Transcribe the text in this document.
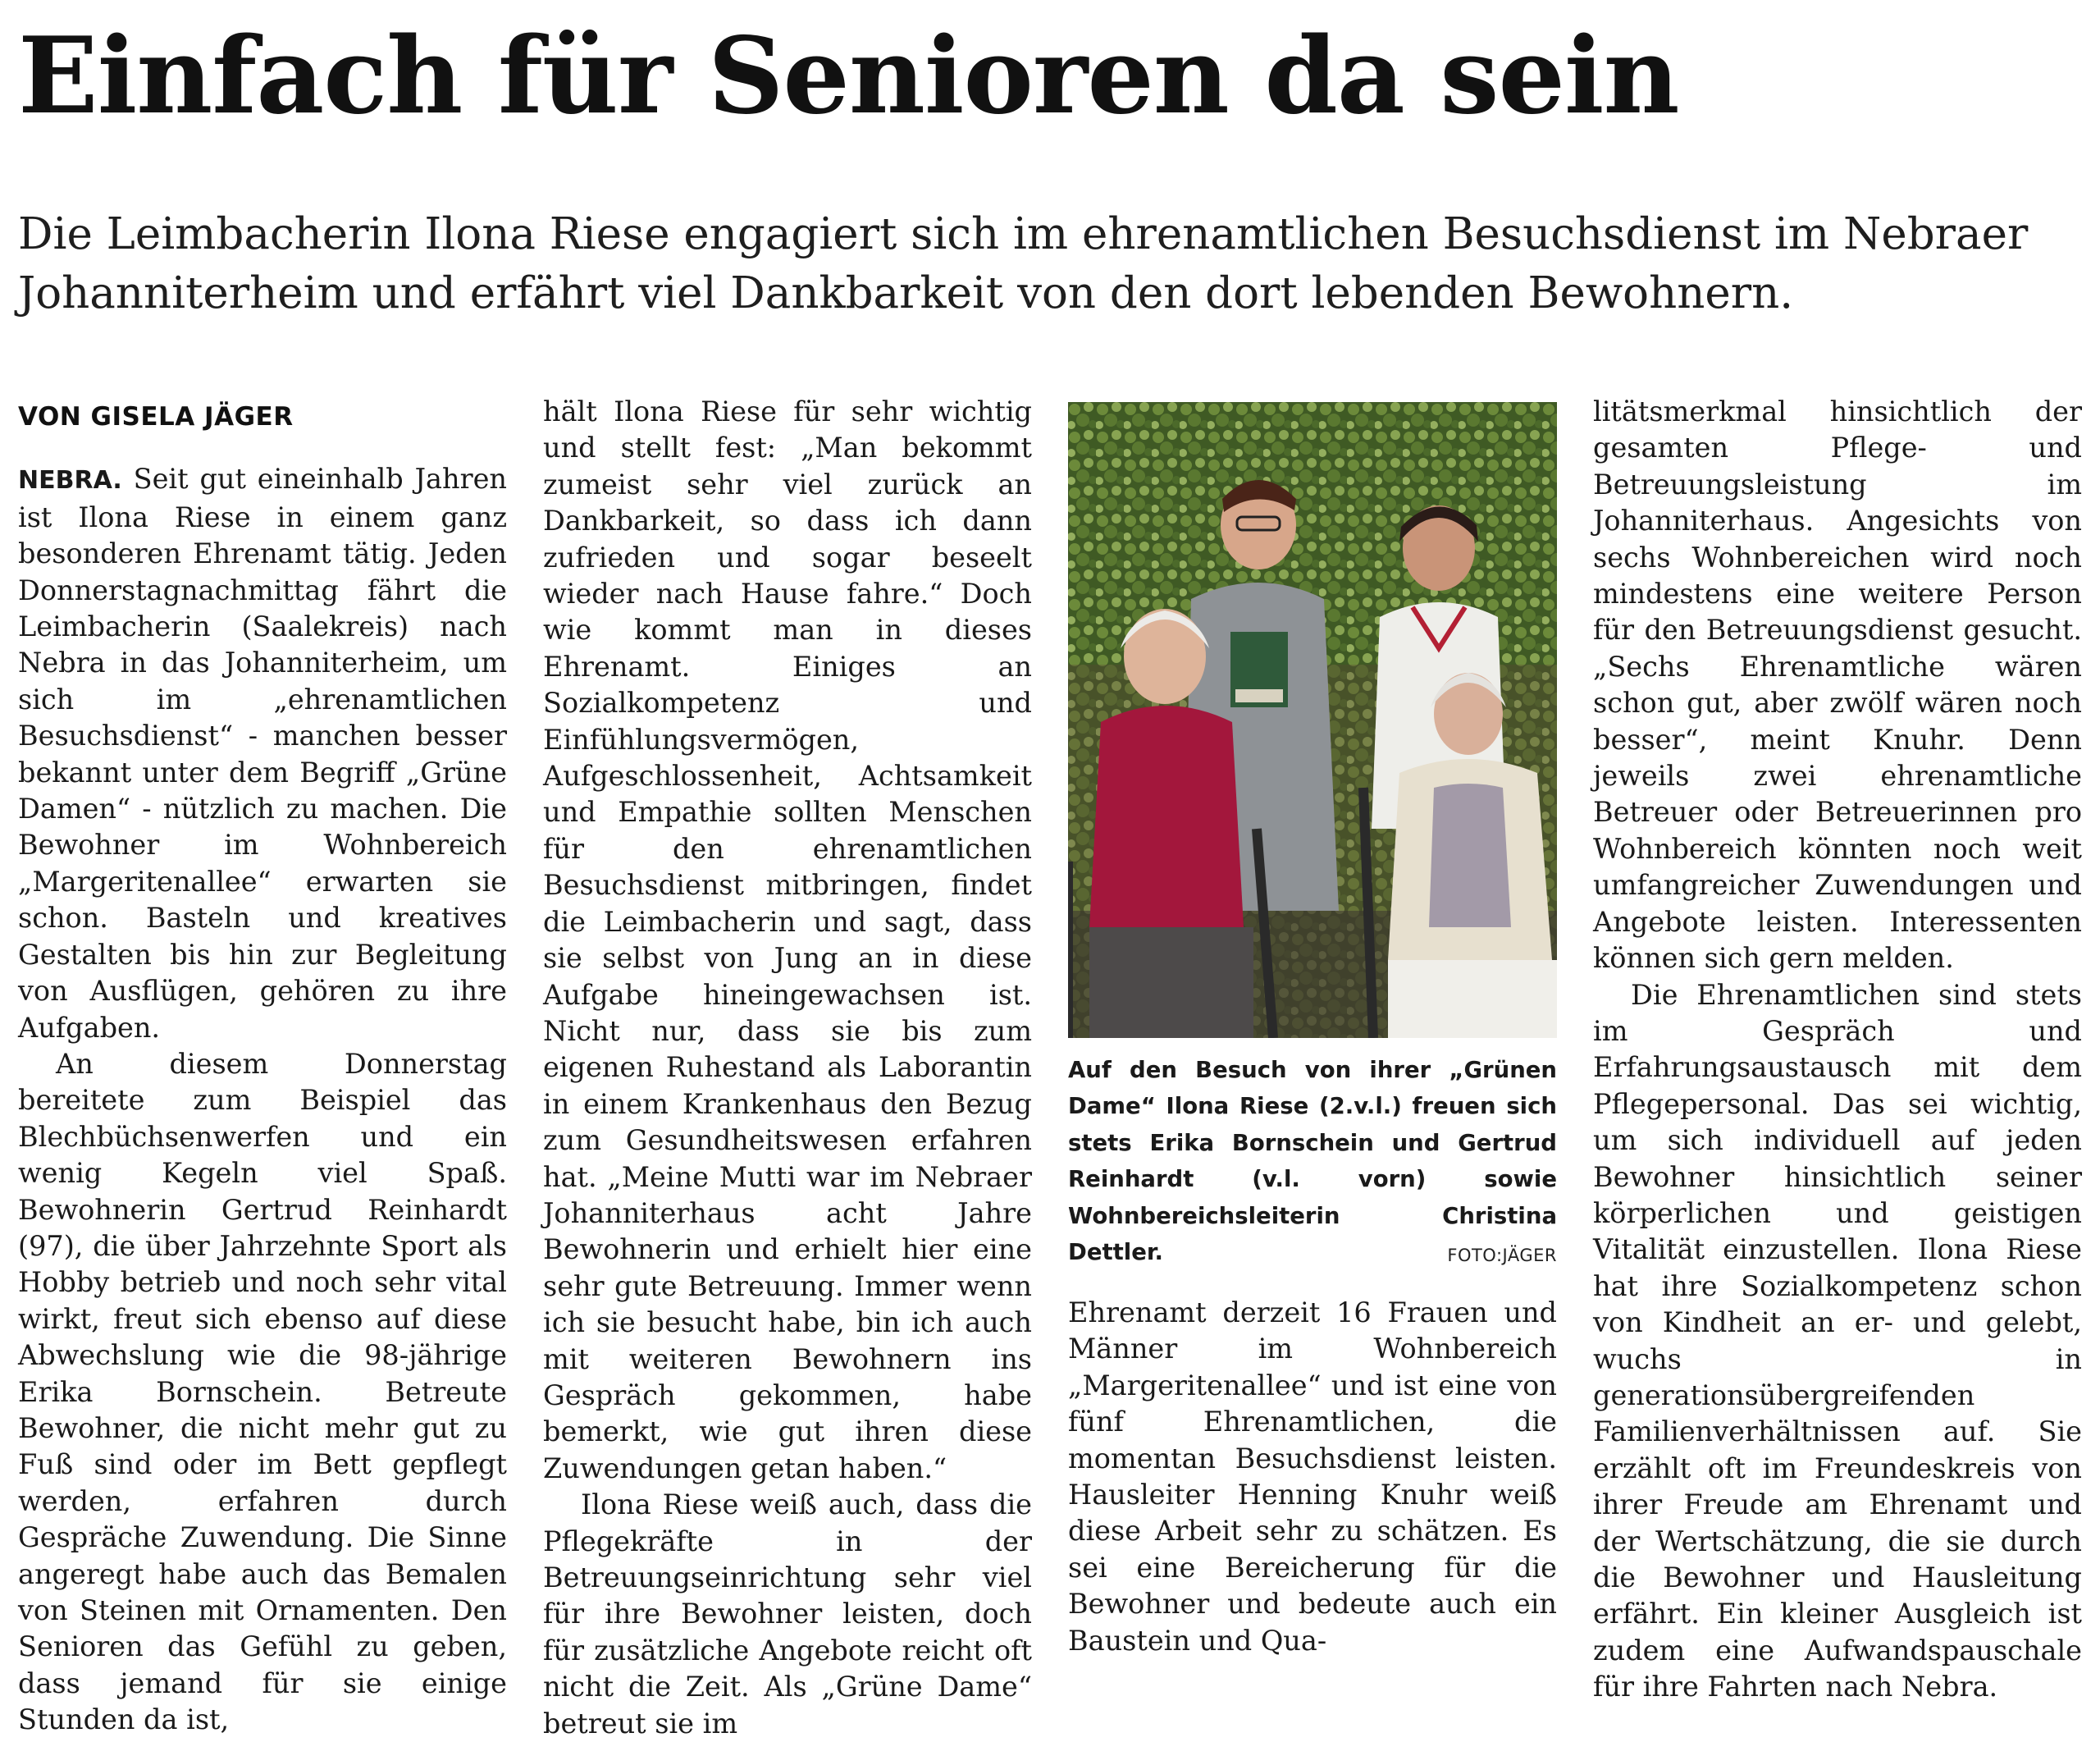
Einfach für Senioren da sein

Die Leimbacherin Ilona Riese engagiert sich im ehrenamtlichen Besuchsdienst im Nebraer Johanniterheim und erfährt viel Dankbarkeit von den dort lebenden Bewohnern.

VON GISELA JÄGER

NEBRA. Seit gut eineinhalb Jahren ist Ilona Riese in einem ganz besonderen Ehrenamt tätig. Jeden Donnerstagnachmittag fährt die Leimbacherin (Saalekreis) nach Nebra in das Johanniterheim, um sich im „ehrenamtlichen Besuchsdienst“ - manchen besser bekannt unter dem Begriff „Grüne Damen“ - nützlich zu machen. Die Bewohner im Wohnbereich „Margeritenallee“ erwarten sie schon. Basteln und kreatives Gestalten bis hin zur Begleitung von Ausflügen, gehören zu ihre Aufgaben.

An diesem Donnerstag bereitete zum Beispiel das Blechbüchsenwerfen und ein wenig Kegeln viel Spaß. Bewohnerin Gertrud Reinhardt (97), die über Jahrzehnte Sport als Hobby betrieb und noch sehr vital wirkt, freut sich ebenso auf diese Abwechslung wie die 98-jährige Erika Bornschein. Betreute Bewohner, die nicht mehr gut zu Fuß sind oder im Bett gepflegt werden, erfahren durch Gespräche Zuwendung. Die Sinne angeregt habe auch das Bemalen von Steinen mit Ornamenten. Den Senioren das Gefühl zu geben, dass jemand für sie einige Stunden da ist,

hält Ilona Riese für sehr wichtig und stellt fest: „Man bekommt zumeist sehr viel zurück an Dankbarkeit, so dass ich dann zufrieden und sogar beseelt wieder nach Hause fahre.“ Doch wie kommt man in dieses Ehrenamt. Einiges an Sozialkompetenz und Einfühlungsvermögen, Aufgeschlossenheit, Achtsamkeit und Empathie sollten Menschen für den ehrenamtlichen Besuchsdienst mitbringen, findet die Leimbacherin und sagt, dass sie selbst von Jung an in diese Aufgabe hineingewachsen ist. Nicht nur, dass sie bis zum eigenen Ruhestand als Laborantin in einem Krankenhaus den Bezug zum Gesundheitswesen erfahren hat. „Meine Mutti war im Nebraer Johanniterhaus acht Jahre Bewohnerin und erhielt hier eine sehr gute Betreuung. Immer wenn ich sie besucht habe, bin ich auch mit weiteren Bewohnern ins Gespräch gekommen, habe bemerkt, wie gut ihren diese Zuwendungen getan haben.“

Ilona Riese weiß auch, dass die Pflegekräfte in der Betreuungseinrichtung sehr viel für ihre Bewohner leisten, doch für zusätzliche Angebote reicht oft nicht die Zeit. Als „Grüne Dame“ betreut sie im

Auf den Besuch von ihrer „Grünen Dame“ Ilona Riese (2.v.l.) freuen sich stets Erika Bornschein und Gertrud Reinhardt (v.l. vorn) sowie Wohnbereichsleiterin Christina Dettler.	FOTO:JÄGER

Ehrenamt derzeit 16 Frauen und Männer im Wohnbereich „Margeritenallee“ und ist eine von fünf Ehrenamtlichen, die momentan Besuchsdienst leisten. Hausleiter Henning Knuhr weiß diese Arbeit sehr zu schätzen. Es sei eine Bereicherung für die Bewohner und bedeute auch ein Baustein und Qua-

litätsmerkmal hinsichtlich der gesamten Pflege- und Betreuungsleistung im Johanniterhaus. Angesichts von sechs Wohnbereichen wird noch mindestens eine weitere Person für den Betreuungsdienst gesucht. „Sechs Ehrenamtliche wären schon gut, aber zwölf wären noch besser“, meint Knuhr. Denn jeweils zwei ehrenamtliche Betreuer oder Betreuerinnen pro Wohnbereich könnten noch weit umfangreicher Zuwendungen und Angebote leisten. Interessenten können sich gern melden.

Die Ehrenamtlichen sind stets im Gespräch und Erfahrungsaustausch mit dem Pflegepersonal. Das sei wichtig, um sich individuell auf jeden Bewohner hinsichtlich seiner körperlichen und geistigen Vitalität einzustellen. Ilona Riese hat ihre Sozialkompetenz schon von Kindheit an er- und gelebt, wuchs in generationsübergreifenden Familienverhältnissen auf. Sie erzählt oft im Freundeskreis von ihrer Freude am Ehrenamt und der Wertschätzung, die sie durch die Bewohner und Hausleitung erfährt. Ein kleiner Ausgleich ist zudem eine Aufwandspauschale für ihre Fahrten nach Nebra.
